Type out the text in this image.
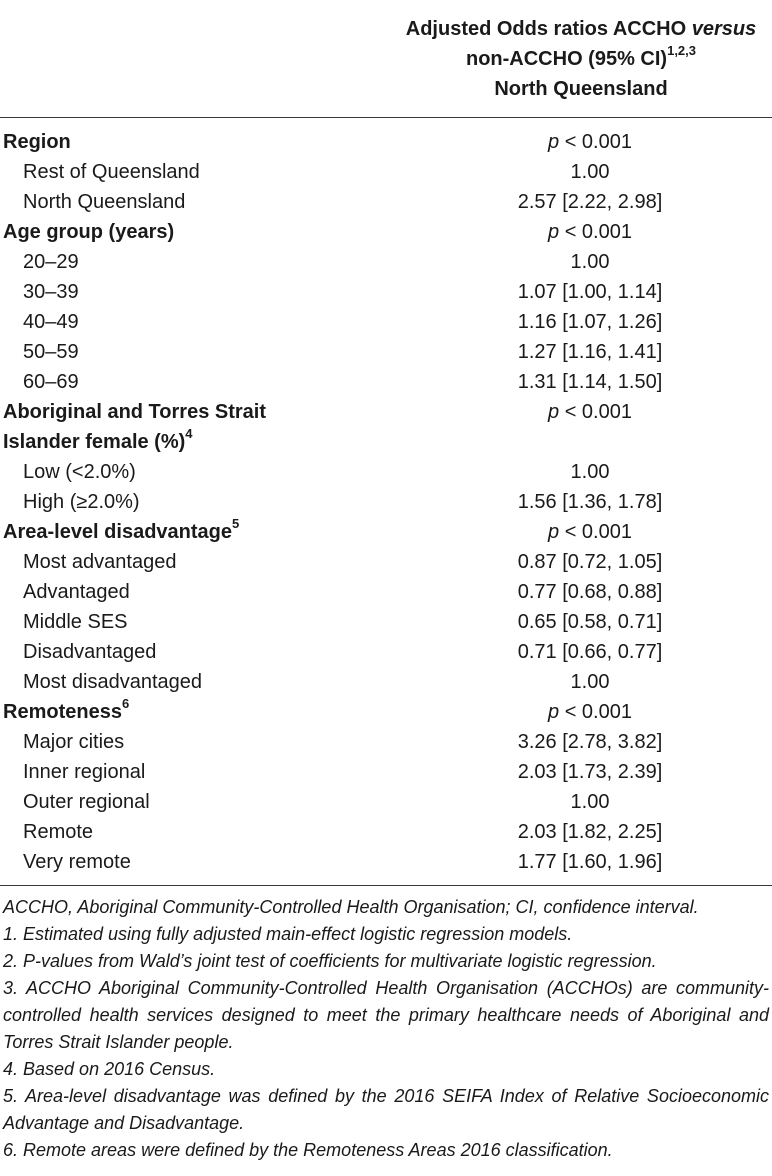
Adjusted Odds ratios ACCHO versus
non-ACCHO (95% CI)$^{1,2,3}$
North Queensland
Region	p < 0.001
Rest of Queensland	1.00
North Queensland	2.57 [2.22, 2.98]
Age group (years)	p < 0.001
20–29	1.00
30–39	1.07 [1.00, 1.14]
40–49	1.16 [1.07, 1.26]
50–59	1.27 [1.16, 1.41]
60–69	1.31 [1.14, 1.50]
Aboriginal and Torres Strait	p < 0.001
Islander female (%)$^4$
Low (<2.0%)	1.00
High (≥2.0%)	1.56 [1.36, 1.78]
Area-level disadvantage$^5$	p < 0.001
Most advantaged	0.87 [0.72, 1.05]
Advantaged	0.77 [0.68, 0.88]
Middle SES	0.65 [0.58, 0.71]
Disadvantaged	0.71 [0.66, 0.77]
Most disadvantaged	1.00
Remoteness$^6$	p < 0.001
Major cities	3.26 [2.78, 3.82]
Inner regional	2.03 [1.73, 2.39]
Outer regional	1.00
Remote	2.03 [1.82, 2.25]
Very remote	1.77 [1.60, 1.96]
ACCHO, Aboriginal Community-Controlled Health Organisation; CI, confidence interval.
1. Estimated using fully adjusted main-effect logistic regression models.
2. P-values from Wald’s joint test of coefficients for multivariate logistic regression.
3. ACCHO Aboriginal Community-Controlled Health Organisation (ACCHOs) are community-controlled health services designed to meet the primary healthcare needs of Aboriginal and Torres Strait Islander people.
4. Based on 2016 Census.
5. Area-level disadvantage was defined by the 2016 SEIFA Index of Relative Socioeconomic Advantage and Disadvantage.
6. Remote areas were defined by the Remoteness Areas 2016 classification.
